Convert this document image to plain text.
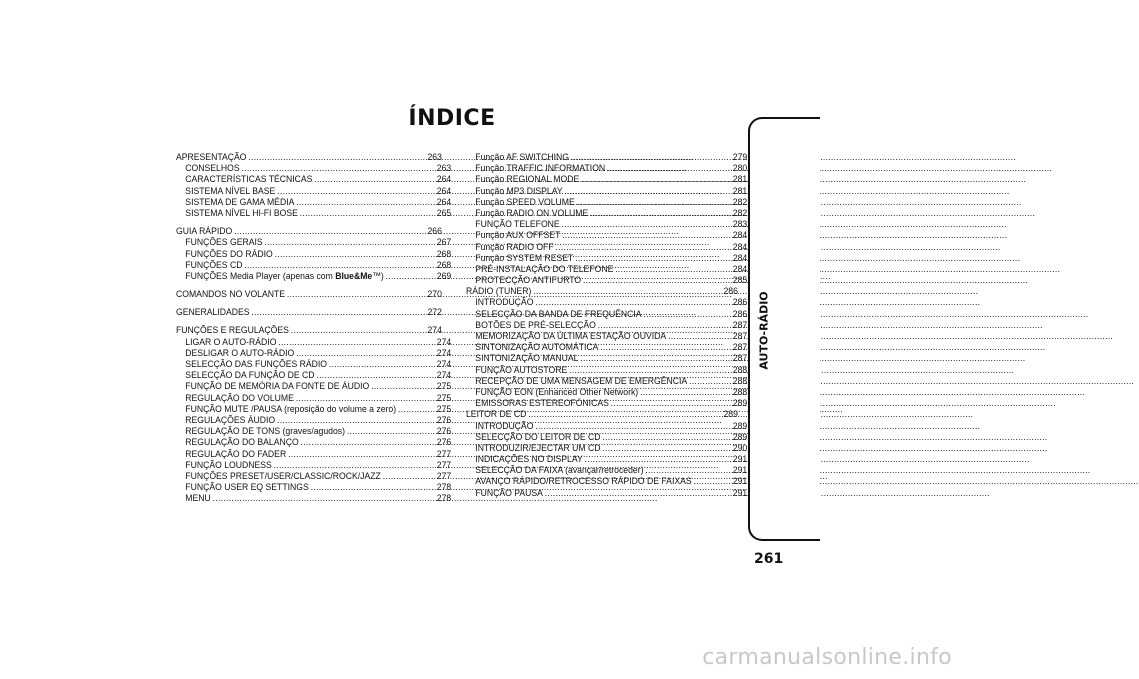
ÍNDICE
APRESENTAÇÃO .....	263
CONSELHOS .....	263
CARACTERÍSTICAS TÉCNICAS .....	264
SISTEMA NÍVEL BASE .....	264
SISTEMA DE GAMA MÉDIA .....	264
SISTEMA NÍVEL HI-FI BOSE .....	265
GUIA RÁPIDO .....	266
FUNÇÕES GERAIS .....	267
FUNÇÕES DO RÁDIO .....	268
FUNÇÕES CD .....	268
FUNÇÕES Media Player (apenas com Blue&Me™) .....	269
COMANDOS NO VOLANTE .....	270
GENERALIDADES .....	272
FUNÇÕES E REGULAÇÕES .....	274
LIGAR O AUTO-RÁDIO .....	274
DESLIGAR O AUTO-RÁDIO .....	274
SELECÇÃO DAS FUNÇÕES RÁDIO .....	274
SELECÇÃO DA FUNÇÃO DE CD .....	274
FUNÇÃO DE MEMÓRIA DA FONTE DE ÁUDIO .....	275
REGULAÇÃO DO VOLUME .....	275
FUNÇÃO MUTE /PAUSA (reposição do volume a zero) .....	275
REGULAÇÕES ÁUDIO .....	276
REGULAÇÃO DE TONS (graves/agudos) .....	276
REGULAÇÃO DO BALANÇO .....	276
REGULAÇÃO DO FADER .....	277
FUNÇÃO LOUDNESS .....	277
FUNÇÕES PRESET/USER/CLASSIC/ROCK/JAZZ .....	277
FUNÇÃO USER EQ SETTINGS .....	278
MENU .....	278
Função AF SWITCHING .....	279
Função TRAFFIC INFORMATION .....	280
Função REGIONAL MODE .....	281
Função MP3 DISPLAY .....	281
Função SPEED VOLUME .....	282
Função RADIO ON VOLUME .....	282
FUNÇÃO TELEFONE .....	283
Função AUX OFFSET .....	284
Função RADIO OFF .....	284
Função SYSTEM RESET .....	284
PRÉ-INSTALAÇÃO DO TELEFONE .....	284
PROTECÇÃO ANTIFURTO .....	285
RÁDIO (TUNER) .....	286
INTRODUÇÃO .....	286
SELECÇÃO DA BANDA DE FREQUÊNCIA .....	286
BOTÕES DE PRÉ-SELECÇÃO .....	287
MEMORIZAÇÃO DA ÚLTIMA ESTAÇÃO OUVIDA .....	287
SINTONIZAÇÃO AUTOMÁTICA .....	287
SINTONIZAÇÃO MANUAL .....	287
FUNÇÃO AUTOSTORE .....	288
RECEPÇÃO DE UMA MENSAGEM DE EMERGÊNCIA .....	288
FUNÇÃO EON (Enhanced Other Network) .....	288
EMISSORAS ESTEREOFÓNICAS .....	289
LEITOR DE CD .....	289
INTRODUÇÃO .....	289
SELECÇÃO DO LEITOR DE CD .....	289
INTRODUZIR/EJECTAR UM CD .....	290
INDICAÇÕES NO DISPLAY .....	291
SELECÇÃO DA FAIXA (avançar/retroceder) .....	291
AVANÇO RÁPIDO/RETROCESSO RÁPIDO DE FAIXAS .....	291
FUNÇÃO PAUSA .....	291
AUTO-RÁDIO
261
carmanualsonline.info
